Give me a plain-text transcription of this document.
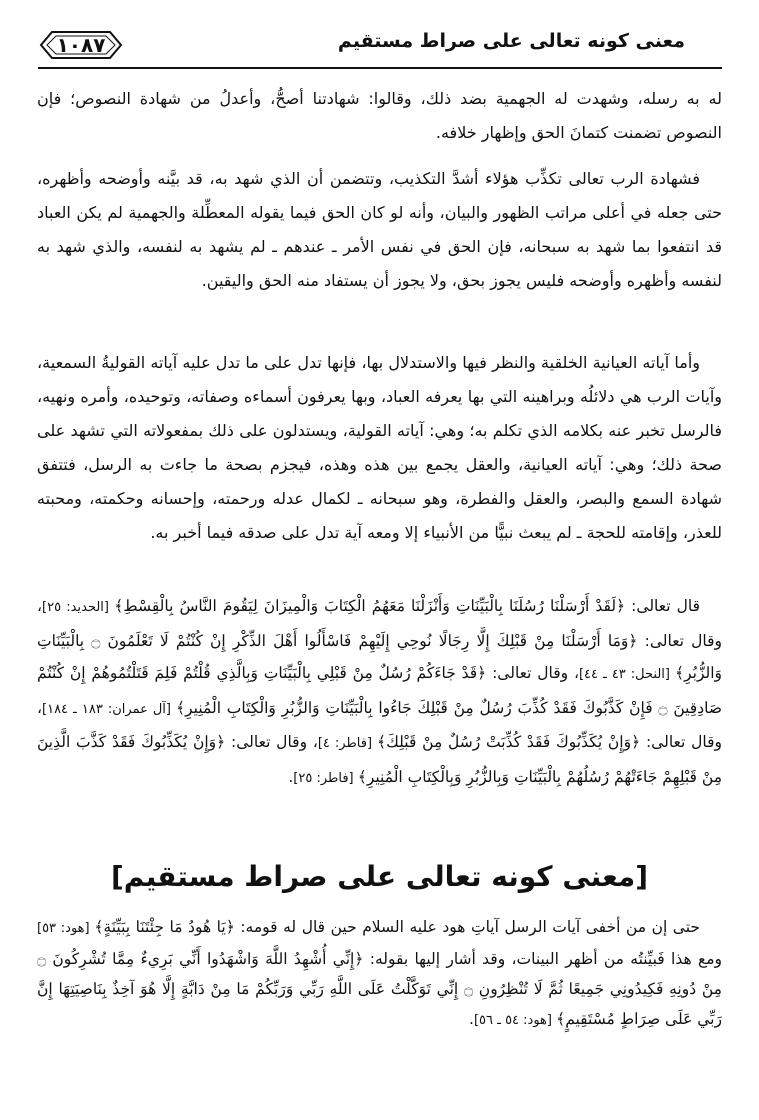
معنى كونه تعالى على صراط مستقيم
١٠٨٧

له به رسله، وشهدت له الجهمية بضد ذلك، وقالوا: شهادتنا أصحُّ، وأعدلُ من شهادة النصوص؛ فإن النصوص تضمنت كتمانَ الحق وإظهار خلافه.

فشهادة الرب تعالى تكذِّب هؤلاء أشدَّ التكذيب، وتتضمن أن الذي شهد به، قد بيَّنه وأوضحه وأظهره، حتى جعله في أعلى مراتب الظهور والبيان، وأنه لو كان الحق فيما يقوله المعطِّلة والجهمية لم يكن العباد قد انتفعوا بما شهد به سبحانه، فإن الحق في نفس الأمر ـ عندهم ـ لم يشهد به لنفسه، والذي شهد به لنفسه وأظهره وأوضحه فليس يجوز بحق، ولا يجوز أن يستفاد منه الحق واليقين.

وأما آياته العيانية الخلقية والنظر فيها والاستدلال بها، فإنها تدل على ما تدل عليه آياته القوليةُ السمعية، وآيات الرب هي دلائلُه وبراهينه التي بها يعرفه العباد، وبها يعرفون أسماءه وصفاته، وتوحيده، وأمره ونهيه، فالرسل تخبر عنه بكلامه الذي تكلم به؛ وهي: آياته القولية، ويستدلون على ذلك بمفعولاته التي تشهد على صحة ذلك؛ وهي: آياته العيانية، والعقل يجمع بين هذه وهذه، فيجزم بصحة ما جاءت به الرسل، فتتفق شهادة السمع والبصر، والعقل والفطرة، وهو سبحانه ـ لكمال عدله ورحمته، وإحسانه وحكمته، ومحبته للعذر، وإقامته للحجة ـ لم يبعث نبيًّا من الأنبياء إلا ومعه آية تدل على صدقه فيما أخبر به.

قال تعالى: ﴿لَقَدْ أَرْسَلْنَا رُسُلَنَا بِالْبَيِّنَاتِ وَأَنْزَلْنَا مَعَهُمُ الْكِتَابَ وَالْمِيزَانَ لِيَقُومَ النَّاسُ بِالْقِسْطِ﴾ [الحديد: ٢٥]، وقال تعالى: ﴿وَمَا أَرْسَلْنَا مِنْ قَبْلِكَ إِلَّا رِجَالًا نُوحِي إِلَيْهِمْ فَاسْأَلُوا أَهْلَ الذِّكْرِ إِنْ كُنْتُمْ لَا تَعْلَمُونَ ۝ بِالْبَيِّنَاتِ وَالزُّبُرِ﴾ [النحل: ٤٣ ـ ٤٤]، وقال تعالى: ﴿قَدْ جَاءَكُمْ رُسُلٌ مِنْ قَبْلِي بِالْبَيِّنَاتِ وَبِالَّذِي قُلْتُمْ فَلِمَ قَتَلْتُمُوهُمْ إِنْ كُنْتُمْ صَادِقِينَ ۝ فَإِنْ كَذَّبُوكَ فَقَدْ كُذِّبَ رُسُلٌ مِنْ قَبْلِكَ جَاءُوا بِالْبَيِّنَاتِ وَالزُّبُرِ وَالْكِتَابِ الْمُنِيرِ﴾ [آل عمران: ١٨٣ ـ ١٨٤]، وقال تعالى: ﴿وَإِنْ يُكَذِّبُوكَ فَقَدْ كُذِّبَتْ رُسُلٌ مِنْ قَبْلِكَ﴾ [فاطر: ٤]، وقال تعالى: ﴿وَإِنْ يُكَذِّبُوكَ فَقَدْ كَذَّبَ الَّذِينَ مِنْ قَبْلِهِمْ جَاءَتْهُمْ رُسُلُهُمْ بِالْبَيِّنَاتِ وَبِالزُّبُرِ وَبِالْكِتَابِ الْمُنِيرِ﴾ [فاطر: ٢٥].

[معنى كونه تعالى على صراط مستقيم]

حتى إن من أخفى آيات الرسل آياتِ هود عليه السلام حين قال له قومه: ﴿يَا هُودُ مَا جِئْتَنَا بِبَيِّنَةٍ﴾ [هود: ٥٣] ومع هذا فَبيِّنتُه من أظهر البينات، وقد أشار إليها بقوله: ﴿إِنِّي أُشْهِدُ اللَّهَ وَاشْهَدُوا أَنِّي بَرِيءٌ مِمَّا تُشْرِكُونَ ۝ مِنْ دُونِهِ فَكِيدُونِي جَمِيعًا ثُمَّ لَا تُنْظِرُونِ ۝ إِنِّي تَوَكَّلْتُ عَلَى اللَّهِ رَبِّي وَرَبِّكُمْ مَا مِنْ دَابَّةٍ إِلَّا هُوَ آخِذٌ بِنَاصِيَتِهَا إِنَّ رَبِّي عَلَى صِرَاطٍ مُسْتَقِيمٍ﴾ [هود: ٥٤ ـ ٥٦].
